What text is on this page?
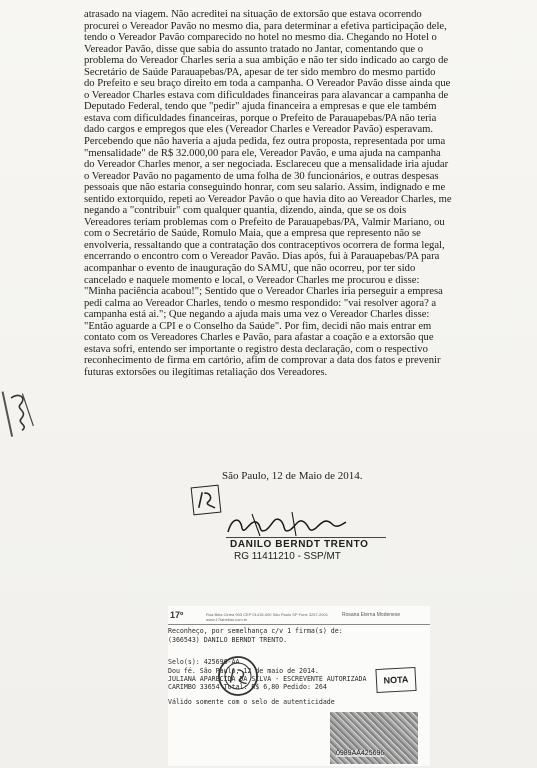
atrasado na viagem. Não acreditei na situação de extorsão que estava ocorrendo

procurei o Vereador Pavão no mesmo dia, para determinar a efetiva participação dele,

tendo o Vereador Pavão comparecido no hotel no mesmo dia. Chegando no Hotel o

Vereador Pavão, disse que sabia do assunto tratado no Jantar, comentando que o

problema do Vereador Charles seria a sua ambição e não ter sido indicado ao cargo de

Secretário de Saúde Parauapebas/PA, apesar de ter sido membro do mesmo partido

do Prefeito e seu braço direito em toda a campanha. O Vereador Pavão disse ainda que

o Vereador Charles estava com dificuldades financeiras para alavancar a campanha de

Deputado Federal, tendo que "pedir" ajuda financeira a empresas e que ele também

estava com dificuldades financeiras, porque o Prefeito de Parauapebas/PA não teria

dado cargos e empregos que eles (Vereador Charles e Vereador Pavão) esperavam.

Percebendo que não haveria a ajuda pedida, fez outra proposta, representada por uma

"mensalidade" de R$ 32.000,00 para ele, Vereador Pavão, e uma ajuda na campanha

do Vereador Charles menor, a ser negociada. Esclareceu que a mensalidade iria ajudar

o Vereador Pavão no pagamento de uma folha de 30 funcionários, e outras despesas

pessoais que não estaria conseguindo honrar, com seu salario. Assim, indignado e me

sentido extorquido, repeti ao Vereador Pavão o que havia dito ao Vereador Charles, me

negando a "contribuir" com qualquer quantia, dizendo, ainda, que se os dois

Vereadores teriam problemas com o Prefeito de Parauapebas/PA, Valmir Mariano, ou

com o Secretário de Saúde, Romulo Maia, que a empresa que represento não se

envolveria, ressaltando que a contratação dos contraceptivos ocorrera de forma legal,

encerrando o encontro com o Vereador Pavão. Dias após, fui à Parauapebas/PA para

acompanhar o evento de inauguração do SAMU, que não ocorreu, por ter sido

cancelado e naquele momento e local, o Vereador Charles me procurou e disse:

"Minha paciência acabou!"; Sentido que o Vereador Charles iria perseguir a empresa

pedi calma ao Vereador Charles, tendo o mesmo respondido: "vai resolver agora? a

campanha está ai."; Que negando a ajuda mais uma vez o Vereador Charles disse:

"Então aguarde a CPI e o Conselho da Saúde". Por fim, decidi não mais entrar em

contato com os Vereadores Charles e Pavão, para afastar a coação e a extorsão que

estava sofri, entendo ser importante o registro desta declaração, com o respectivo

reconhecimento de firma em cartório, afim de comprovar a data dos fatos e prevenir

futuras extorsões ou ilegítimas retaliação dos Vereadores.

São Paulo, 12 de Maio de 2014.
DANILO BERNDT TRENTO
RG 11411210 - SSP/MT
17º	Rua Bela Cintra 903 CEP 01415-000 São Paulo SP Fone 3257-2001 www.17tabeliao.com.br
Rosana Eterna Modenese
Reconheço, por semelhança c/v 1 firma(s) de:
(366543) DANILO BERNDT TRENTO.
Selo(s): 425696-AA
Dou fé. São Paulo, 12 de maio de 2014.
JULIANA APARECIDA DA SILVA - ESCREVENTE AUTORIZADA
CARIMBO 33654 Total: R$ 6,80 Pedido: 264
Válido somente com o selo de autenticidade
NOTA
0989AA425696
